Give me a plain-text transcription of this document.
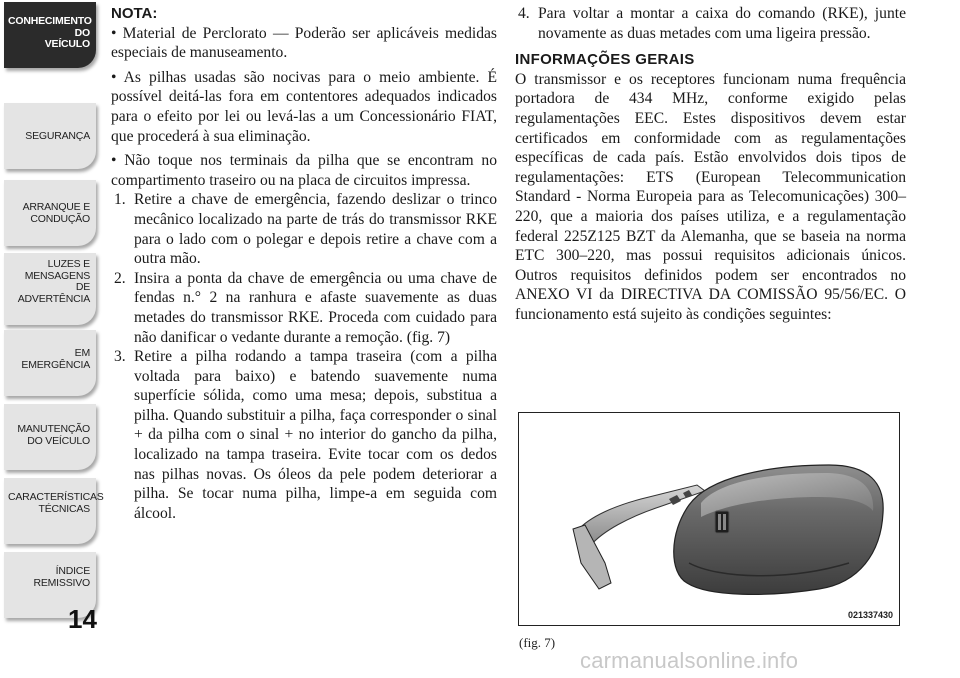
CONHECIMENTO
DO
VEÍCULO
SEGURANÇA
ARRANQUE E
CONDUÇÃO
LUZES E
MENSAGENS
DE
ADVERTÊNCIA
EM
EMERGÊNCIA
MANUTENÇÃO
DO VEÍCULO
CARACTERÍSTICAS
TÉCNICAS
ÍNDICE
REMISSIVO
14
NOTA:

• Material de Perclorato — Poderão ser aplicáveis medidas especiais de manuseamento.

• As pilhas usadas são nocivas para o meio ambiente. É possível deitá-las fora em contentores adequados indicados para o efeito por lei ou levá-las a um Concessionário FIAT, que procederá à sua eliminação.

• Não toque nos terminais da pilha que se encontram no compartimento traseiro ou na placa de circuitos impressa.

1. Retire a chave de emergência, fazendo deslizar o trinco mecânico localizado na parte de trás do transmissor RKE para o lado com o polegar e depois retire a chave com a outra mão.
2. Insira a ponta da chave de emergência ou uma chave de fendas n.° 2 na ranhura e afaste suavemente as duas metades do transmissor RKE. Proceda com cuidado para não danificar o vedante durante a remoção. (fig. 7)
3. Retire a pilha rodando a tampa traseira (com a pilha voltada para baixo) e batendo suavemente numa superfície sólida, como uma mesa; depois, substitua a pilha. Quando substituir a pilha, faça corresponder o sinal + da pilha com o sinal + no interior do gancho da pilha, localizado na tampa traseira. Evite tocar com os dedos nas pilhas novas. Os óleos da pele podem deteriorar a pilha. Se tocar numa pilha, limpe-a em seguida com álcool.
4. Para voltar a montar a caixa do comando (RKE), junte novamente as duas metades com uma ligeira pressão.
INFORMAÇÕES GERAIS

O transmissor e os receptores funcionam numa frequência portadora de 434 MHz, conforme exigido pelas regulamentações EEC. Estes dispositivos devem estar certificados em conformidade com as regulamentações específicas de cada país. Estão envolvidos dois tipos de regulamentações: ETS (European Telecommunication Standard - Norma Europeia para as Telecomunicações) 300–220, que a maioria dos países utiliza, e a regulamentação federal 225Z125 BZT da Alemanha, que se baseia na norma ETC 300–220, mas possui requisitos adicionais únicos. Outros requisitos definidos podem ser encontrados no ANEXO VI da DIRECTIVA DA COMISSÃO 95/56/EC. O funcionamento está sujeito às condições seguintes:

021337430
(fig. 7)
carmanualsonline.info
